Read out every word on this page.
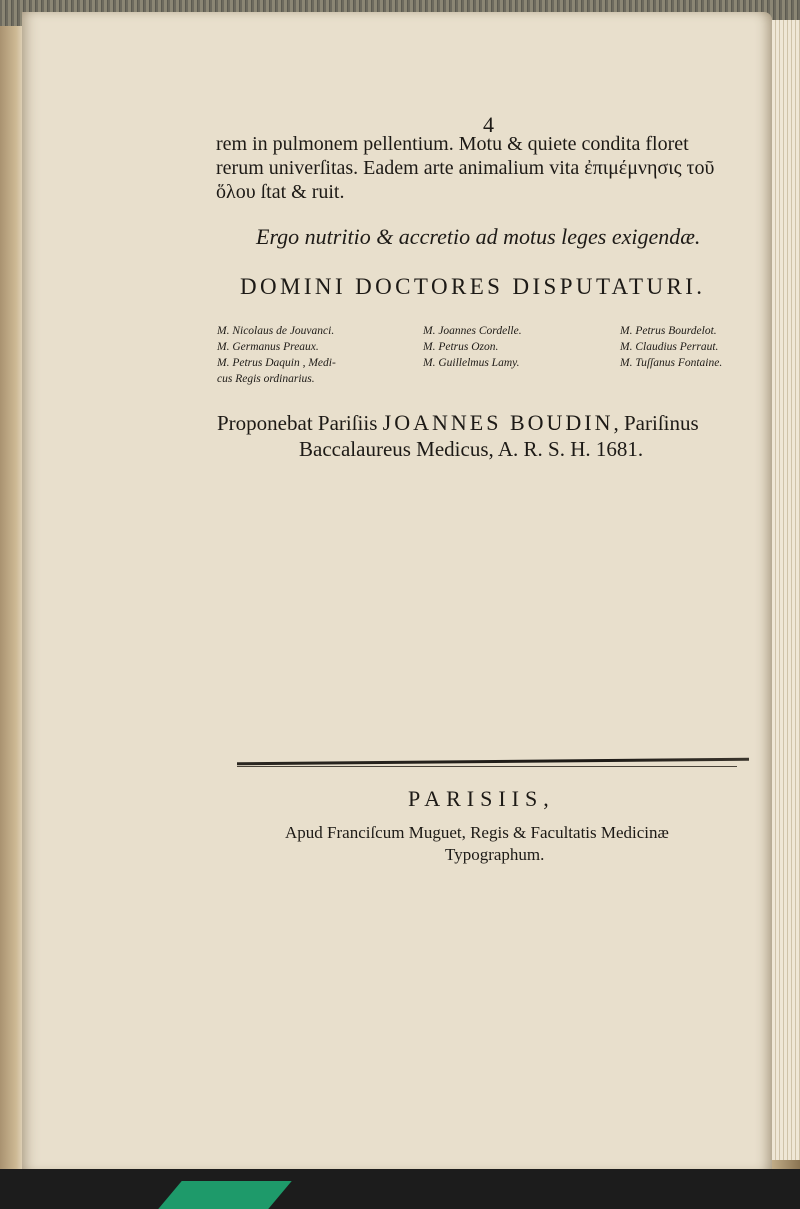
4

rem in pulmonem pellentium. Motu & quiete condita floret
rerum univerſitas. Eadem arte animalium vita ἐπιμέμνησις τοῦ
ὅλου ſtat & ruit.

Ergo nutritio & accretio ad motus leges exigendæ.

DOMINI DOCTORES DISPUTATURI.

M. Nicolaus de Jouvanci.
M. Germanus Preaux.
M. Petrus Daquin , Medi-
cus Regis ordinarius.
M. Joannes Cordelle.
M. Petrus Ozon.
M. Guillelmus Lamy.
M. Petrus Bourdelot.
M. Claudius Perraut.
M. Tuſſanus Fontaine.

Proponebat Pariſiis JOANNES BOUDIN, Pariſinus
Baccalaureus Medicus, A. R. S. H. 1681.

PARISIIS,

Apud Franciſcum Muguet, Regis & Facultatis Medicinæ
Typographum.
